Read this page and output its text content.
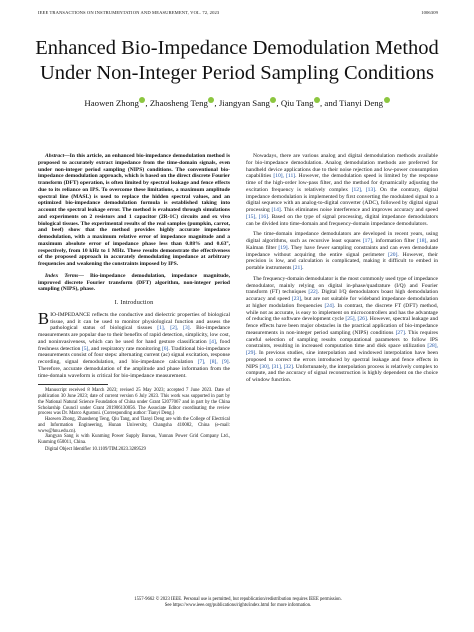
IEEE TRANSACTIONS ON INSTRUMENTATION AND MEASUREMENT, VOL. 72, 2023	1006309
Enhanced Bio-Impedance Demodulation Method
Under Non-Integer Period Sampling Conditions
Haowen Zhong , Zhaosheng Teng , Jiangyan Sang , Qiu Tang , and Tianyi Deng

Abstract—In this article, an enhanced bio-impedance demodulation method is proposed to accurately extract impedance from the time-domain signals, even under non-integer period sampling (NIPS) conditions. The conventional bio-impedance demodulation approach, which is based on the direct discrete Fourier transform (DFT) operation, is often limited by spectral leakage and fence effects due to its reliance on IPS. To overcome these limitations, a maximum amplitude spectral line (MASL) is used to replace the hidden spectral values, and an optimized bio-impedance demodulation formula is established taking into account the spectral leakage error. The method is evaluated through simulations and experiments on 2 resistors and 1 capacitor (2R-1C) circuits and ex vivo biological tissues. The experimental results of the real samples (pumpkin, carrot, and beef) show that the method provides highly accurate impedance demodulation, with a maximum relative error of impedance magnitude and a maximum absolute error of impedance phase less than 0.88% and 0.63°, respectively, from 10 kHz to 1 MHz. These results demonstrate the effectiveness of the proposed approach in accurately demodulating impedance at arbitrary frequencies and weakening the constraints imposed by IPS.

Index Terms— Bio-impedance demodulation, impedance magnitude, improved discrete Fourier transform (DFT) algorithm, non-integer period sampling (NIPS), phase.

I. Introduction

BIO-IMPEDANCE reflects the conductive and dielectric properties of biological tissue, and it can be used to monitor physiological function and assess the pathological status of biological tissues [1], [2], [3]. Bio-impedance measurements are popular due to their benefits of rapid detection, simplicity, low cost, and noninvasiveness, which can be used for hand gesture classification [4], food freshness detection [5], and respiratory rate monitoring [6]. Traditional bio-impedance measurements consist of four steps: alternating current (ac) signal excitation, response recording, signal demodulation, and bio-impedance calculation [7], [8], [9]. Therefore, accurate demodulation of the amplitude and phase information from the time-domain waveform is critical for bio-impedance measurement.

Manuscript received 8 March 2023; revised 25 May 2023; accepted 7 June 2023. Date of publication 30 June 2023; date of current version 6 July 2023. This work was supported in part by the National Natural Science Foundation of China under Grant 52077067 and in part by the China Scholarship Council under Grant 201906130056. The Associate Editor coordinating the review process was Dr. Marco Agustoni. (Corresponding author: Tianyi Deng.)

Haowen Zhong, Zhaosheng Teng, Qiu Tang, and Tianyi Deng are with the College of Electrical and Information Engineering, Hunan University, Changsha 410082, China (e-mail: www@hnu.edu.cn).

Jiangyan Sang is with Kunming Power Supply Bureau, Yunnan Power Grid Company Ltd., Kunming 650011, China.

Digital Object Identifier 10.1109/TIM.2023.3289529

Nowadays, there are various analog and digital demodulation methods available for bio-impedance demodulation. Analog demodulation methods are preferred for handheld device applications due to their noise rejection and low-power consumption capabilities [10], [11]. However, the demodulation speed is limited by the response time of the high-order low-pass filter, and the method for dynamically adjusting the excitation frequency is relatively complex [12], [13]. On the contrary, digital impedance demodulation is implemented by first converting the modulated signal to a digital sequence with an analog-to-digital converter (ADC), followed by digital signal processing [14]. This eliminates noise interference and improves accuracy and speed [15], [16]. Based on the type of signal processing, digital impedance demodulators can be divided into time-domain and frequency-domain impedance demodulators.

The time-domain impedance demodulators are developed in recent years, using digital algorithms, such as recursive least squares [17], information filter [18], and Kalman filter [19]. They have fewer sampling constraints and can even demodulate impedance without acquiring the entire signal perimeter [20]. However, their precision is low, and calculation is complicated, making it difficult to embed in portable instruments [21].

The frequency-domain demodulator is the most commonly used type of impedance demodulator, mainly relying on digital in-phase/quadrature (I/Q) and Fourier transform (FT) techniques [22]. Digital I/Q demodulators boast high demodulation accuracy and speed [23], but are not suitable for wideband impedance demodulation at higher modulation frequencies [24]. In contrast, the discrete FT (DFT) method, while not as accurate, is easy to implement on microcontrollers and has the advantage of reducing the software development cycle [25], [26]. However, spectral leakage and fence effects have been major obstacles in the practical application of bio-impedance measurements in non-integer period sampling (NIPS) conditions [27]. This requires careful selection of sampling results computational parameters to follow IPS constraints, resulting in increased computation time and disk space utilization [28], [29]. In previous studies, sine interpolation and windowed interpolation have been proposed to correct the errors introduced by spectral leakage and fence effects in NIPS [30], [31], [32]. Unfortunately, the interpolation process is relatively complex to compute, and the accuracy of signal reconstruction is highly dependent on the choice of window function.

1557-9662 © 2023 IEEE. Personal use is permitted, but republication/redistribution requires IEEE permission.
See https://www.ieee.org/publications/rights/index.html for more information.
